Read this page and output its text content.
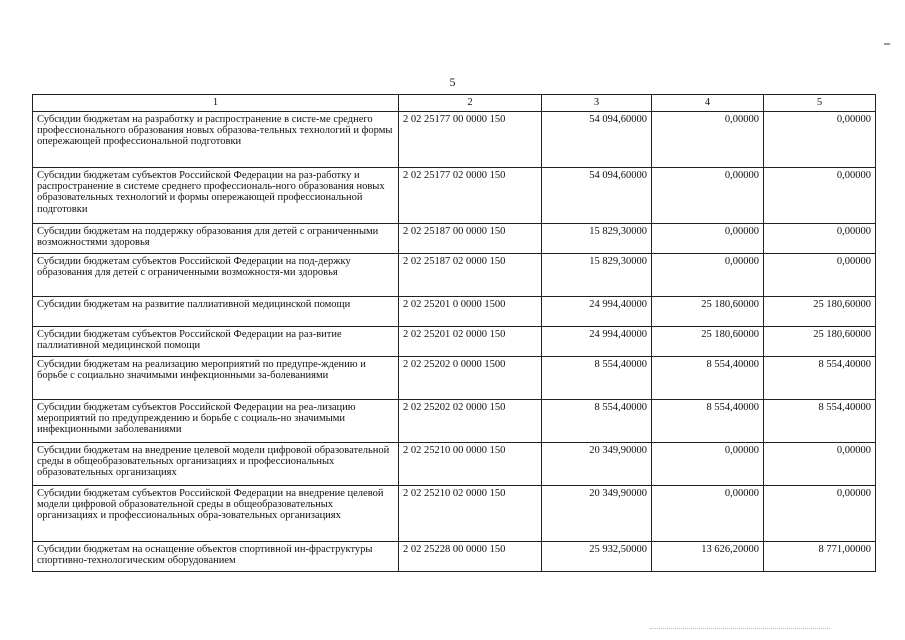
5
1	2	3	4	5
Субсидии бюджетам на разработку и распространение в систе-ме среднего профессионального образования новых образова-тельных технологий и формы опережающей профессиональной подготовки	2 02 25177 00 0000 150	54 094,60000	0,00000	0,00000
Субсидии бюджетам субъектов Российской Федерации на раз-работку и распространение в системе среднего профессиональ-ного образования новых образовательных технологий и формы опережающей профессиональной подготовки	2 02 25177 02 0000 150	54 094,60000	0,00000	0,00000
Субсидии бюджетам на поддержку образования для детей с ограниченными возможностями здоровья	2 02 25187 00 0000 150	15 829,30000	0,00000	0,00000
Субсидии бюджетам субъектов Российской Федерации на под-держку образования для детей с ограниченными возможностя-ми здоровья	2 02 25187 02 0000 150	15 829,30000	0,00000	0,00000
Субсидии бюджетам на развитие паллиативной медицинской помощи	2 02 25201 0 0000 1500	24 994,40000	25 180,60000	25 180,60000
Субсидии бюджетам субъектов Российской Федерации на раз-витие паллиативной медицинской помощи	2 02 25201 02 0000 150	24 994,40000	25 180,60000	25 180,60000
Субсидии бюджетам на реализацию мероприятий по предупре-ждению и борьбе с социально значимыми инфекционными за-болеваниями	2 02 25202 0 0000 1500	8 554,40000	8 554,40000	8 554,40000
Субсидии бюджетам субъектов Российской Федерации на реа-лизацию мероприятий по предупреждению и борьбе с социаль-но значимыми инфекционными заболеваниями	2 02 25202 02 0000 150	8 554,40000	8 554,40000	8 554,40000
Субсидии бюджетам на внедрение целевой модели цифровой образовательной среды в общеобразовательных организациях и профессиональных образовательных организациях	2 02 25210 00 0000 150	20 349,90000	0,00000	0,00000
Субсидии бюджетам субъектов Российской Федерации на внедрение целевой модели цифровой образовательной среды в общеобразовательных организациях и профессиональных обра-зовательных организациях	2 02 25210 02 0000 150	20 349,90000	0,00000	0,00000
Субсидии бюджетам на оснащение объектов спортивной ин-фраструктуры спортивно-технологическим оборудованием	2 02 25228 00 0000 150	25 932,50000	13 626,20000	8 771,00000
